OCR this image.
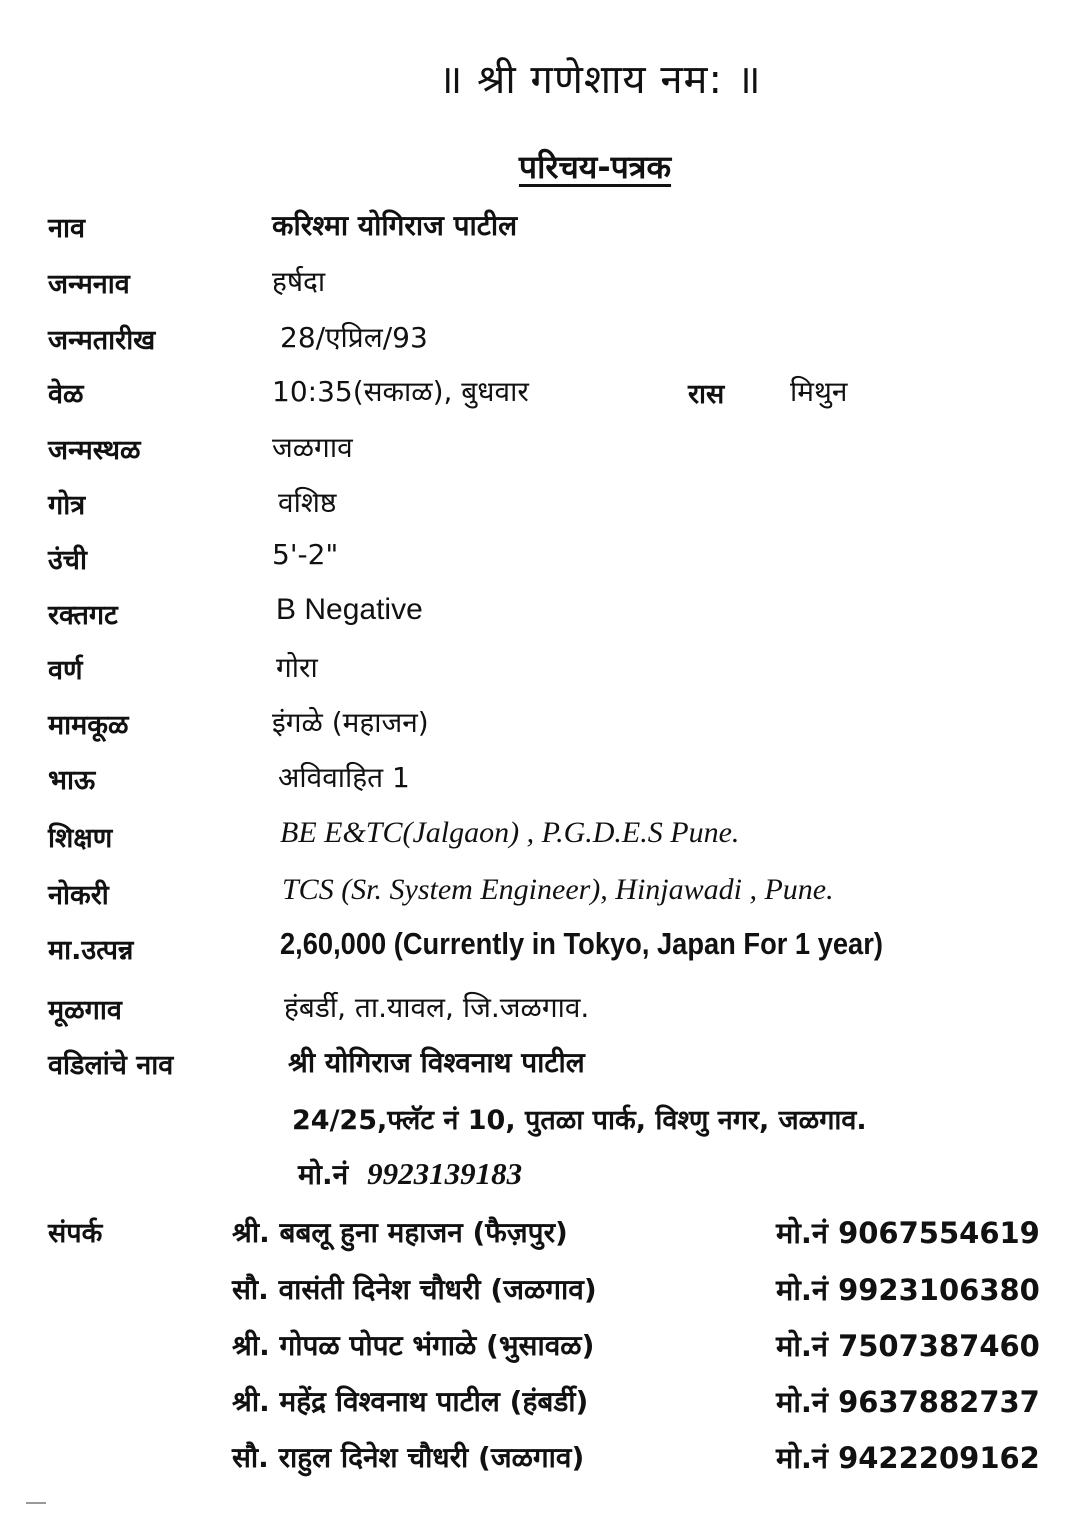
॥ श्री गणेशाय नम: ॥
परिचय-पत्रक
नाव	करिश्मा योगिराज पाटील
जन्मनाव	हर्षदा
जन्मतारीख	28/एप्रिल/93
वेळ	10:35(सकाळ), बुधवार	रास मिथुन
जन्मस्थळ	जळगाव
गोत्र	वशिष्ठ
उंची	5'-2"
रक्तगट	B Negative
वर्ण	गोरा
मामकूळ	इंगळे (महाजन)
भाऊ	अविवाहित 1
शिक्षण	BE E&TC(Jalgaon) , P.G.D.E.S Pune.
नोकरी	TCS (Sr. System Engineer), Hinjawadi , Pune.
मा.उत्पन्न	2,60,000 (Currently in Tokyo, Japan For 1 year)
मूळगाव	हंबर्डी, ता.यावल, जि.जळगाव.
वडिलांचे नाव	श्री योगिराज विश्वनाथ पाटील
24/25,फ्लॅट नं 10, पुतळा पार्क, विश्णु नगर, जळगाव.
मो.नं 9923139183
संपर्क	श्री. बबलू हुना महाजन (फैज़पुर)	मो.नं 9067554619
सौ. वासंती दिनेश चौधरी (जळगाव)	मो.नं 9923106380
श्री. गोपळ पोपट भंगाळे (भुसावळ)	मो.नं 7507387460
श्री. महेंद्र विश्वनाथ पाटील (हंबर्डी)	मो.नं 9637882737
सौ. राहुल दिनेश चौधरी (जळगाव)	मो.नं 9422209162
